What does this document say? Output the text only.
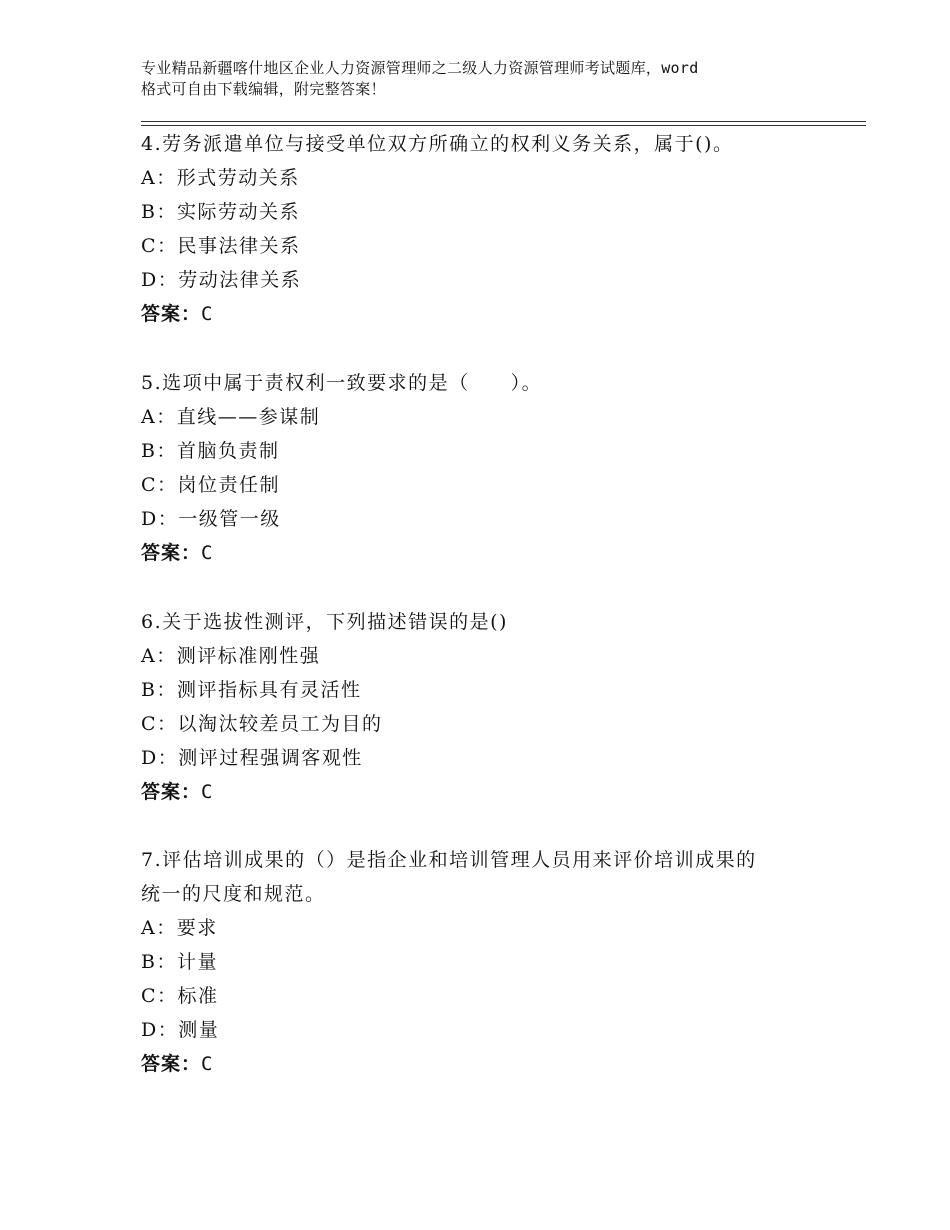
专业精品新疆喀什地区企业人力资源管理师之二级人力资源管理师考试题库，word
格式可自由下载编辑，附完整答案！
4.劳务派遣单位与接受单位双方所确立的权利义务关系，属于()。
A：形式劳动关系
B：实际劳动关系
C：民事法律关系
D：劳动法律关系
答案：C
5.选项中属于责权利一致要求的是（　　）。
A：直线——参谋制
B：首脑负责制
C：岗位责任制
D：一级管一级
答案：C
6.关于选拔性测评，下列描述错误的是()
A：测评标准刚性强
B：测评指标具有灵活性
C：以淘汰较差员工为目的
D：测评过程强调客观性
答案：C
7.评估培训成果的（）是指企业和培训管理人员用来评价培训成果的
统一的尺度和规范。
A：要求
B：计量
C：标准
D：测量
答案：C
